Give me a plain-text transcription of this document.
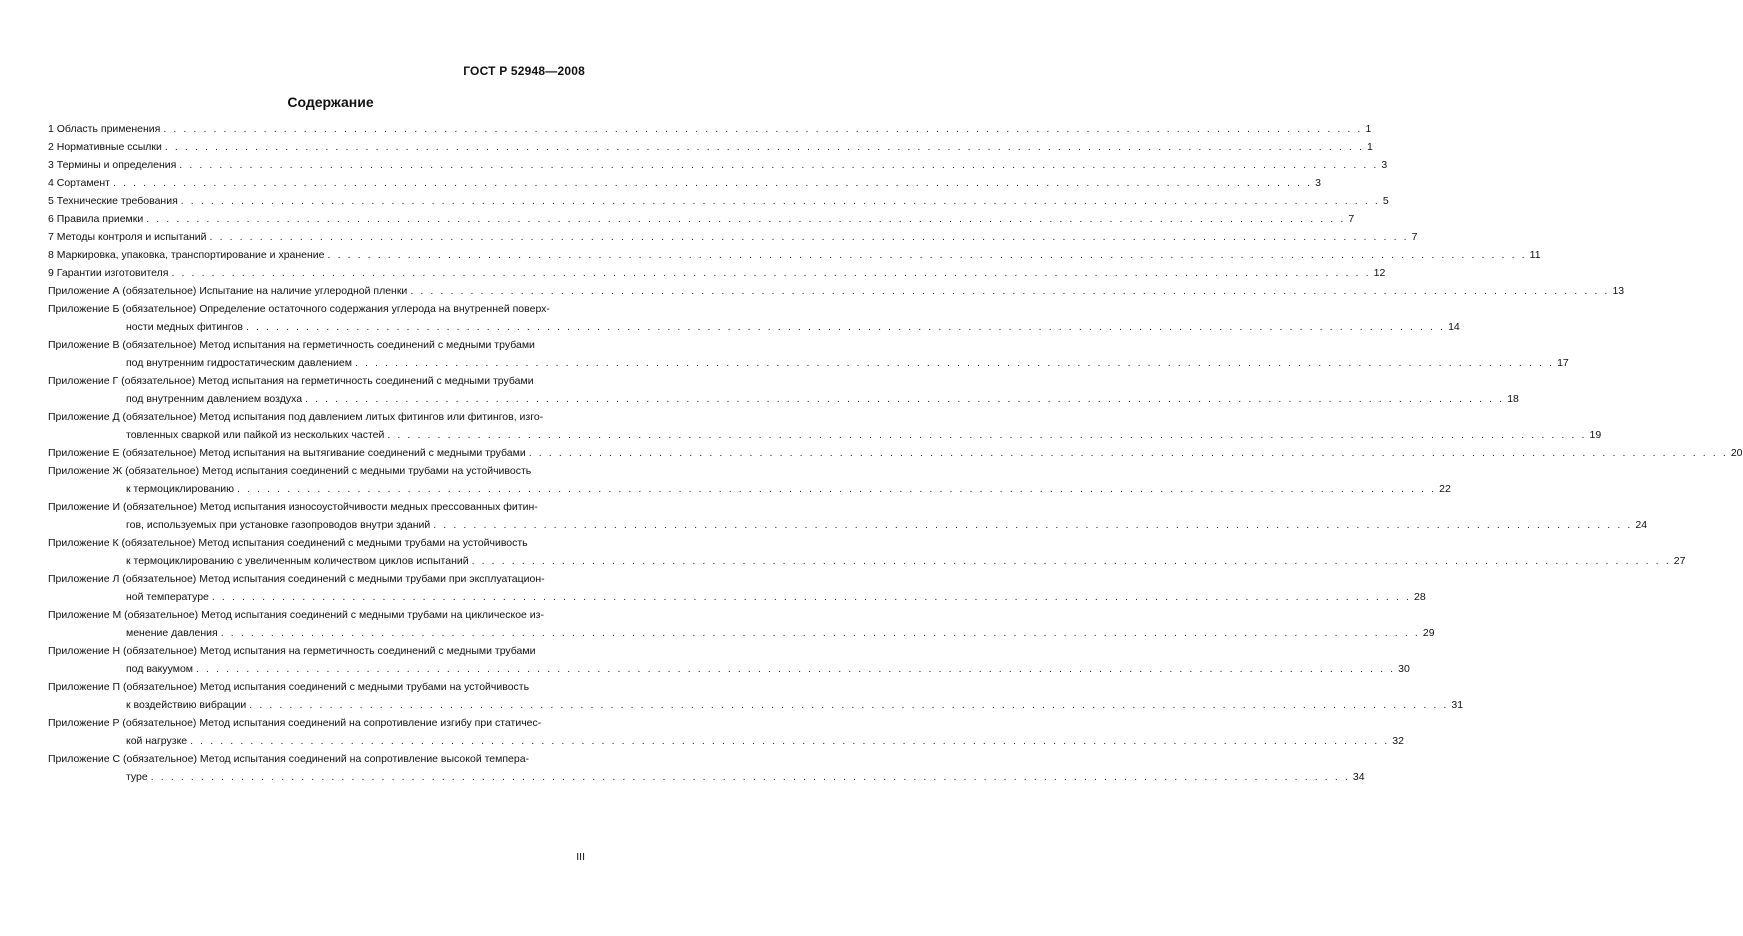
ГОСТ Р 52948—2008
Содержание
1 Область применения . . . . . . . . . . . . . . . . . . . . . . . . . . . . . . . . . . . . . . . . . . . . . . . . . . . . . . . . . . . . . . . . . . . . . . . . . . . . . . . . . . . . . . . . . . . . . . . . . . . . . . . . . . . . . . . . . . . . . . . . 1
2 Нормативные ссылки . . . . . . . . . . . . . . . . . . . . . . . . . . . . . . . . . . . . . . . . . . . . . . . . . . . . . . . . . . . . . . . . . . . . . . . . . . . . . . . . . . . . . . . . . . . . . . . . . . . . . . . . . . . . . . . . . . . . . . . . 1
3 Термины и определения . . . . . . . . . . . . . . . . . . . . . . . . . . . . . . . . . . . . . . . . . . . . . . . . . . . . . . . . . . . . . . . . . . . . . . . . . . . . . . . . . . . . . . . . . . . . . . . . . . . . . . . . . . . . . . . . . . . . . . . . 3
4 Сортамент . . . . . . . . . . . . . . . . . . . . . . . . . . . . . . . . . . . . . . . . . . . . . . . . . . . . . . . . . . . . . . . . . . . . . . . . . . . . . . . . . . . . . . . . . . . . . . . . . . . . . . . . . . . . . . . . . . . . . . . . 3
5 Технические требования . . . . . . . . . . . . . . . . . . . . . . . . . . . . . . . . . . . . . . . . . . . . . . . . . . . . . . . . . . . . . . . . . . . . . . . . . . . . . . . . . . . . . . . . . . . . . . . . . . . . . . . . . . . . . . . . . . . . . . . . 5
6 Правила приемки . . . . . . . . . . . . . . . . . . . . . . . . . . . . . . . . . . . . . . . . . . . . . . . . . . . . . . . . . . . . . . . . . . . . . . . . . . . . . . . . . . . . . . . . . . . . . . . . . . . . . . . . . . . . . . . . . . . . . . . . 7
7 Методы контроля и испытаний . . . . . . . . . . . . . . . . . . . . . . . . . . . . . . . . . . . . . . . . . . . . . . . . . . . . . . . . . . . . . . . . . . . . . . . . . . . . . . . . . . . . . . . . . . . . . . . . . . . . . . . . . . . . . . . . . . . . . . . . 7
8 Маркировка, упаковка, транспортирование и хранение . . . . . . . . . . . . . . . . . . . . . . . . . . . . . . . . . . . . . . . . . . . . . . . . . . . . . . . . . . . . . . . . . . . . . . . . . . . . . . . . . . . . . . . . . . . . . . . . . . . . . . . . . . . . . . . . . . . . . . . . 11
9 Гарантии изготовителя . . . . . . . . . . . . . . . . . . . . . . . . . . . . . . . . . . . . . . . . . . . . . . . . . . . . . . . . . . . . . . . . . . . . . . . . . . . . . . . . . . . . . . . . . . . . . . . . . . . . . . . . . . . . . . . . . . . . . . . . 12
Приложение А (обязательное) Испытание на наличие углеродной пленки . . . . . . . . . . . . . . . . . . . . . . . . . . . . . . . . . . . . . . . . . . . . . . . . . . . . . . . . . . . . . . . . . . . . . . . . . . . . . . . . . . . . . . . . . . . . . . . . . . . . . . . . . . . . . . . . . . . . . . . . 13
Приложение Б (обязательное) Определение остаточного содержания углерода на внутренней поверх-
ности медных фитингов . . . . . . . . . . . . . . . . . . . . . . . . . . . . . . . . . . . . . . . . . . . . . . . . . . . . . . . . . . . . . . . . . . . . . . . . . . . . . . . . . . . . . . . . . . . . . . . . . . . . . . . . . . . . . . . . . . . . . . . . 14
Приложение В (обязательное) Метод испытания на герметичность соединений с медными трубами
под внутренним гидростатическим давлением . . . . . . . . . . . . . . . . . . . . . . . . . . . . . . . . . . . . . . . . . . . . . . . . . . . . . . . . . . . . . . . . . . . . . . . . . . . . . . . . . . . . . . . . . . . . . . . . . . . . . . . . . . . . . . . . . . . . . . . . 17
Приложение Г (обязательное) Метод испытания на герметичность соединений с медными трубами
под внутренним давлением воздуха . . . . . . . . . . . . . . . . . . . . . . . . . . . . . . . . . . . . . . . . . . . . . . . . . . . . . . . . . . . . . . . . . . . . . . . . . . . . . . . . . . . . . . . . . . . . . . . . . . . . . . . . . . . . . . . . . . . . . . . . 18
Приложение Д (обязательное) Метод испытания под давлением литых фитингов или фитингов, изго-
товленных сваркой или пайкой из нескольких частей . . . . . . . . . . . . . . . . . . . . . . . . . . . . . . . . . . . . . . . . . . . . . . . . . . . . . . . . . . . . . . . . . . . . . . . . . . . . . . . . . . . . . . . . . . . . . . . . . . . . . . . . . . . . . . . . . . . . . . . . 19
Приложение Е (обязательное) Метод испытания на вытягивание соединений с медными трубами . . . . . . . . . . . . . . . . . . . . . . . . . . . . . . . . . . . . . . . . . . . . . . . . . . . . . . . . . . . . . . . . . . . . . . . . . . . . . . . . . . . . . . . . . . . . . . . . . . . . . . . . . . . . . . . . . . . . . . . . 20
Приложение Ж (обязательное) Метод испытания соединений с медными трубами на устойчивость
к термоциклированию . . . . . . . . . . . . . . . . . . . . . . . . . . . . . . . . . . . . . . . . . . . . . . . . . . . . . . . . . . . . . . . . . . . . . . . . . . . . . . . . . . . . . . . . . . . . . . . . . . . . . . . . . . . . . . . . . . . . . . . . 22
Приложение И (обязательное) Метод испытания износоустойчивости медных прессованных фитин-
гов, используемых при установке газопроводов внутри зданий . . . . . . . . . . . . . . . . . . . . . . . . . . . . . . . . . . . . . . . . . . . . . . . . . . . . . . . . . . . . . . . . . . . . . . . . . . . . . . . . . . . . . . . . . . . . . . . . . . . . . . . . . . . . . . . . . . . . . . . . 24
Приложение К (обязательное) Метод испытания соединений с медными трубами на устойчивость
к термоциклированию с увеличенным количеством циклов испытаний . . . . . . . . . . . . . . . . . . . . . . . . . . . . . . . . . . . . . . . . . . . . . . . . . . . . . . . . . . . . . . . . . . . . . . . . . . . . . . . . . . . . . . . . . . . . . . . . . . . . . . . . . . . . . . . . . . . . . . . . 27
Приложение Л (обязательное) Метод испытания соединений с медными трубами при эксплуатацион-
ной температуре . . . . . . . . . . . . . . . . . . . . . . . . . . . . . . . . . . . . . . . . . . . . . . . . . . . . . . . . . . . . . . . . . . . . . . . . . . . . . . . . . . . . . . . . . . . . . . . . . . . . . . . . . . . . . . . . . . . . . . . . 28
Приложение М (обязательное) Метод испытания соединений с медными трубами на циклическое из-
менение давления . . . . . . . . . . . . . . . . . . . . . . . . . . . . . . . . . . . . . . . . . . . . . . . . . . . . . . . . . . . . . . . . . . . . . . . . . . . . . . . . . . . . . . . . . . . . . . . . . . . . . . . . . . . . . . . . . . . . . . . . 29
Приложение Н (обязательное) Метод испытания на герметичность соединений с медными трубами
под вакуумом . . . . . . . . . . . . . . . . . . . . . . . . . . . . . . . . . . . . . . . . . . . . . . . . . . . . . . . . . . . . . . . . . . . . . . . . . . . . . . . . . . . . . . . . . . . . . . . . . . . . . . . . . . . . . . . . . . . . . . . . 30
Приложение П (обязательное) Метод испытания соединений с медными трубами на устойчивость
к воздействию вибрации . . . . . . . . . . . . . . . . . . . . . . . . . . . . . . . . . . . . . . . . . . . . . . . . . . . . . . . . . . . . . . . . . . . . . . . . . . . . . . . . . . . . . . . . . . . . . . . . . . . . . . . . . . . . . . . . . . . . . . . . 31
Приложение Р (обязательное) Метод испытания соединений на сопротивление изгибу при статичес-
кой нагрузке . . . . . . . . . . . . . . . . . . . . . . . . . . . . . . . . . . . . . . . . . . . . . . . . . . . . . . . . . . . . . . . . . . . . . . . . . . . . . . . . . . . . . . . . . . . . . . . . . . . . . . . . . . . . . . . . . . . . . . . . 32
Приложение С (обязательное) Метод испытания соединений на сопротивление высокой темпера-
туре . . . . . . . . . . . . . . . . . . . . . . . . . . . . . . . . . . . . . . . . . . . . . . . . . . . . . . . . . . . . . . . . . . . . . . . . . . . . . . . . . . . . . . . . . . . . . . . . . . . . . . . . . . . . . . . . . . . . . . . . 34
III
